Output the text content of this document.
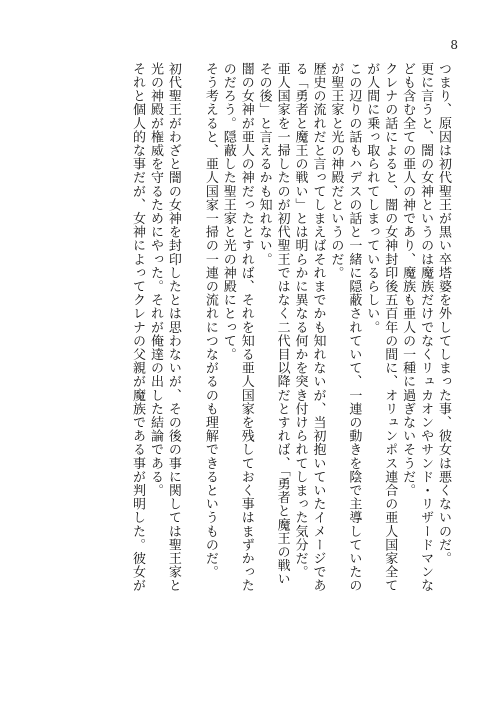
8

つまり、原因は初代聖王が黒い卒塔婆を外してしまった事、彼女は悪くないのだ。

更に言うと、闇の女神というのは魔族だけでなくリュカオンやサンド・リザードマンな
ども含む全ての亜人の神であり、魔族も亜人の一種に過ぎないそうだ。

クレナの話によると、闇の女神封印後五百年の間に、オリュンポス連合の亜人国家全て
が人間に乗っ取られてしまっているらしい。

この辺りの話もハデスの話と一緒に隠蔽されていて、一連の動きを陰で主導していたの
が聖王家と光の神殿だというのだ。

歴史の流れだと言ってしまえばそれまでかも知れないが、当初抱いていたイメージであ
る「勇者と魔王の戦い」とは明らかに異なる何かを突き付けられてしまった気分だ。

亜人国家を一掃したのが初代聖王ではなく二代目以降だとすれば、「勇者と魔王の戦い
その後」と言えるかも知れない。

闇の女神が亜人の神だったとすれば、それを知る亜人国家を残しておく事はまずかった
のだろう。隠蔽した聖王家と光の神殿にとって。

そう考えると、亜人国家一掃の一連の流れにつながるのも理解できるというものだ。

初代聖王がわざと闇の女神を封印したとは思わないが、その後の事に関しては聖王家と
光の神殿が権威を守るためにやった。それが俺達の出した結論である。

それと個人的な事だが、女神によってクレナの父親が魔族である事が判明した。彼女が
